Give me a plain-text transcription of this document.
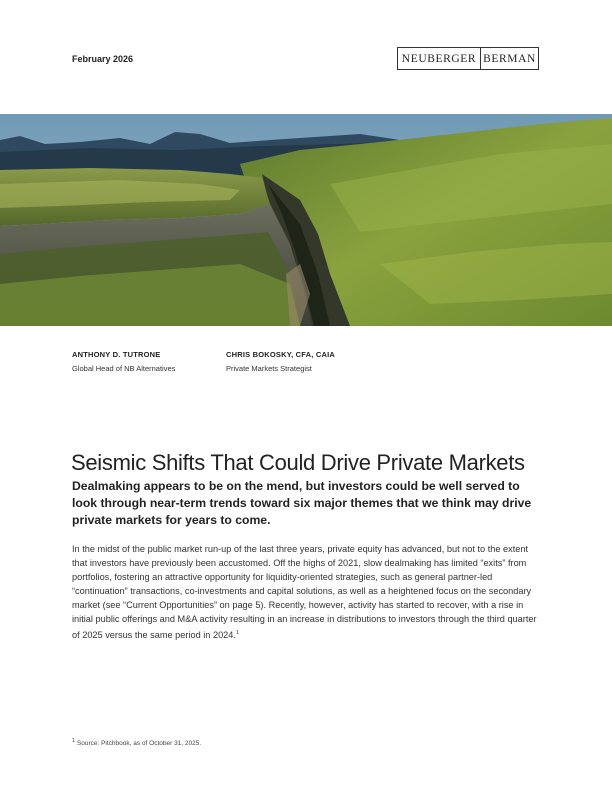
February 2026	NEUBERGER BERMAN
ANTHONY D. TUTRONE
Global Head of NB Alternatives
CHRIS BOKOSKY, CFA, CAIA
Private Markets Strategist
Seismic Shifts That Could Drive Private Markets

Dealmaking appears to be on the mend, but investors could be well served to look through near-term trends toward six major themes that we think may drive private markets for years to come.

In the midst of the public market run-up of the last three years, private equity has advanced, but not to the extent that investors have previously been accustomed. Off the highs of 2021, slow dealmaking has limited “exits” from portfolios, fostering an attractive opportunity for liquidity-oriented strategies, such as general partner-led “continuation” transactions, co-investments and capital solutions, as well as a heightened focus on the secondary market (see “Current Opportunities” on page 5). Recently, however, activity has started to recover, with a rise in initial public offerings and M&A activity resulting in an increase in distributions to investors through the third quarter of 2025 versus the same period in 2024.$^1$

$^1$ Source: Pitchbook, as of October 31, 2025.
